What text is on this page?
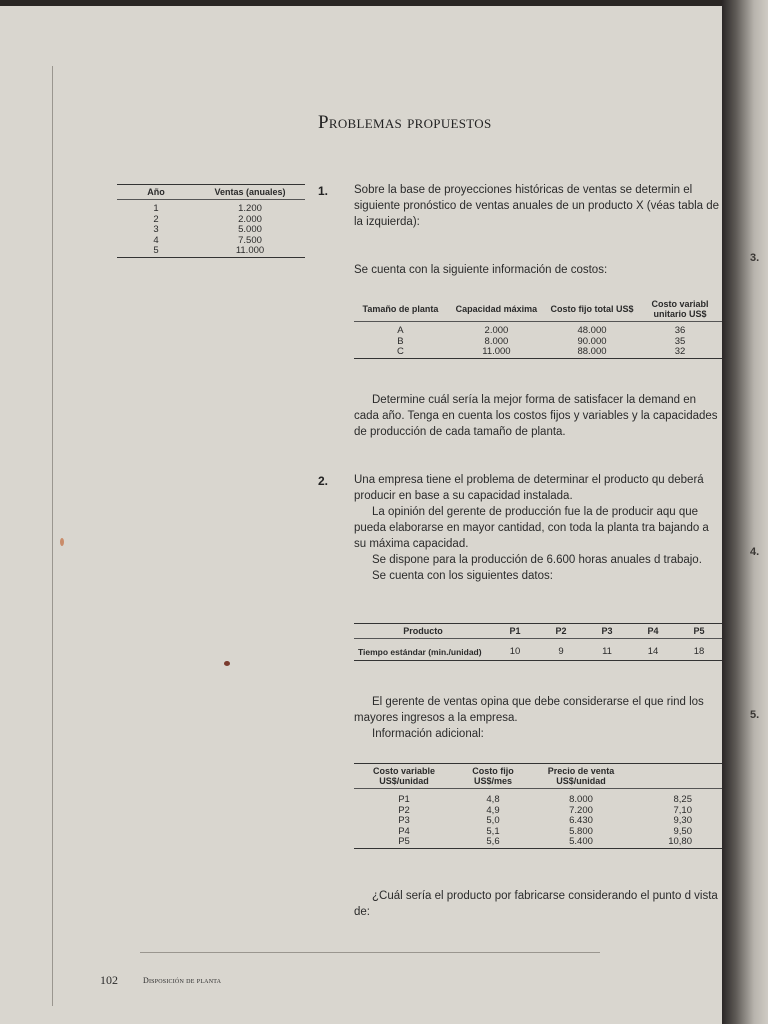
Problemas propuestos
Año	Ventas (anuales)
1	1.200
2	2.000
3	5.000
4	7.500
5	11.000
1. Sobre la base de proyecciones históricas de ventas se determin el siguiente pronóstico de ventas anuales de un producto X (véas tabla de la izquierda):

Se cuenta con la siguiente información de costos:
Tamaño de planta	Capacidad máxima	Costo fijo total US$	Costo variabl unitario US$
A	2.000	48.000	36
B	8.000	90.000	35
C	11.000	88.000	32

Determine cuál sería la mejor forma de satisfacer la demand en cada año. Tenga en cuenta los costos fijos y variables y la capacidades de producción de cada tamaño de planta.

2. Una empresa tiene el problema de determinar el producto qu deberá producir en base a su capacidad instalada.

La opinión del gerente de producción fue la de producir aqu que pueda elaborarse en mayor cantidad, con toda la planta tra bajando a su máxima capacidad.

Se dispone para la producción de 6.600 horas anuales d trabajo.

Se cuenta con los siguientes datos:

Producto	P1	P2	P3	P4	P5
Tiempo estándar (min./unidad)	10	9	11	14	18

El gerente de ventas opina que debe considerarse el que rind los mayores ingresos a la empresa.

Información adicional:

Costo variable US$/unidad	Costo fijo US$/mes	Precio de venta US$/unidad	
P1	4,8	8.000	8,25
P2	4,9	7.200	7,10
P3	5,0	6.430	9,30
P4	5,1	5.800	9,50
P5	5,6	5.400	10,80

¿Cuál sería el producto por fabricarse considerando el punto d vista de:

102	Disposición de planta
3.
4.
5.
